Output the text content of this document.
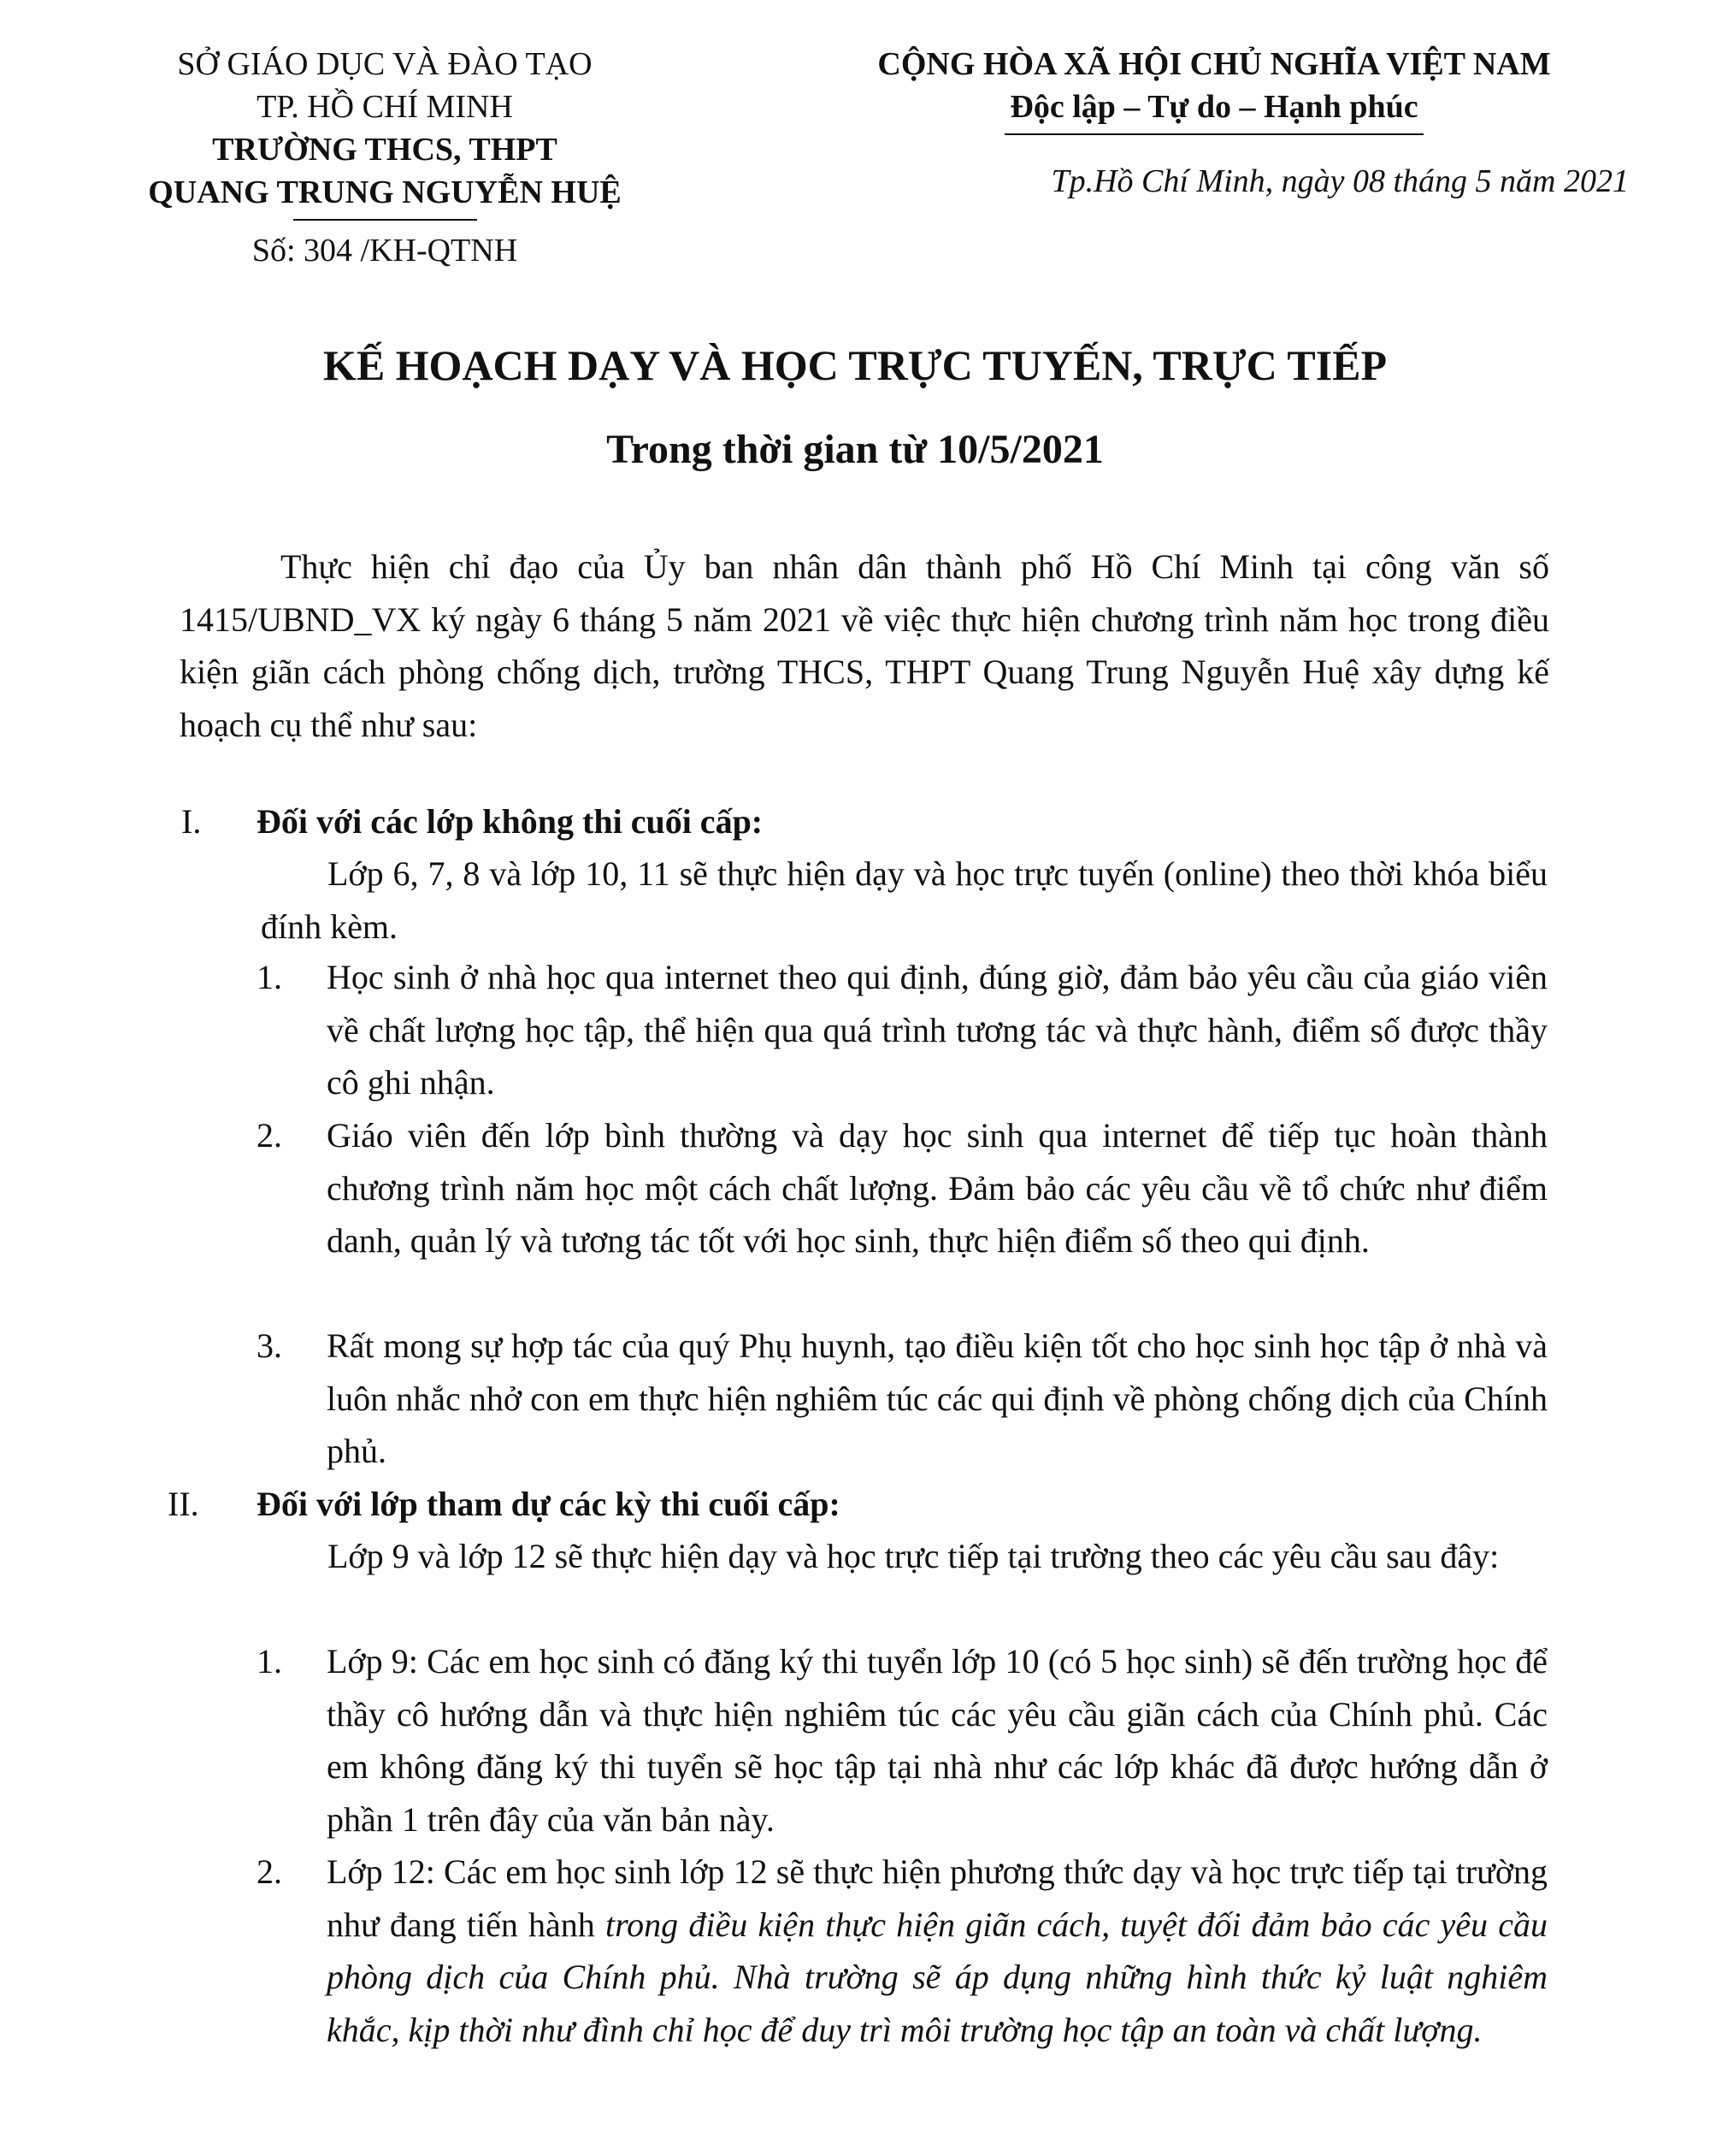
SỞ GIÁO DỤC VÀ ĐÀO TẠO
TP. HỒ CHÍ MINH
TRƯỜNG THCS, THPT
QUANG TRUNG NGUYỄN HUỆ
Số: 304 /KH-QTNH
CỘNG HÒA XÃ HỘI CHỦ NGHĨA VIỆT NAM
Độc lập – Tự do – Hạnh phúc
Tp.Hồ Chí Minh, ngày 08 tháng 5 năm 2021
KẾ HOẠCH DẠY VÀ HỌC TRỰC TUYẾN, TRỰC TIẾP
Trong thời gian từ 10/5/2021
Thực hiện chỉ đạo của Ủy ban nhân dân thành phố Hồ Chí Minh tại công văn số 1415/UBND_VX ký ngày 6 tháng 5 năm 2021 về việc thực hiện chương trình năm học trong điều kiện giãn cách phòng chống dịch, trường THCS, THPT Quang Trung Nguyễn Huệ xây dựng kế hoạch cụ thể như sau:
I. Đối với các lớp không thi cuối cấp:
Lớp 6, 7, 8 và lớp 10, 11 sẽ thực hiện dạy và học trực tuyến (online) theo thời khóa biểu đính kèm.
1. Học sinh ở nhà học qua internet theo qui định, đúng giờ, đảm bảo yêu cầu của giáo viên về chất lượng học tập, thể hiện qua quá trình tương tác và thực hành, điểm số được thầy cô ghi nhận.
2. Giáo viên đến lớp bình thường và dạy học sinh qua internet để tiếp tục hoàn thành chương trình năm học một cách chất lượng. Đảm bảo các yêu cầu về tổ chức như điểm danh, quản lý và tương tác tốt với học sinh, thực hiện điểm số theo qui định.
3. Rất mong sự hợp tác của quý Phụ huynh, tạo điều kiện tốt cho học sinh học tập ở nhà và luôn nhắc nhở con em thực hiện nghiêm túc các qui định về phòng chống dịch của Chính phủ.
II. Đối với lớp tham dự các kỳ thi cuối cấp:
Lớp 9 và lớp 12 sẽ thực hiện dạy và học trực tiếp tại trường theo các yêu cầu sau đây:
1. Lớp 9: Các em học sinh có đăng ký thi tuyển lớp 10 (có 5 học sinh) sẽ đến trường học để thầy cô hướng dẫn và thực hiện nghiêm túc các yêu cầu giãn cách của Chính phủ. Các em không đăng ký thi tuyển sẽ học tập tại nhà như các lớp khác đã được hướng dẫn ở phần 1 trên đây của văn bản này.
2. Lớp 12: Các em học sinh lớp 12 sẽ thực hiện phương thức dạy và học trực tiếp tại trường như đang tiến hành trong điều kiện thực hiện giãn cách, tuyệt đối đảm bảo các yêu cầu phòng dịch của Chính phủ. Nhà trường sẽ áp dụng những hình thức kỷ luật nghiêm khắc, kịp thời như đình chỉ học để duy trì môi trường học tập an toàn và chất lượng.
